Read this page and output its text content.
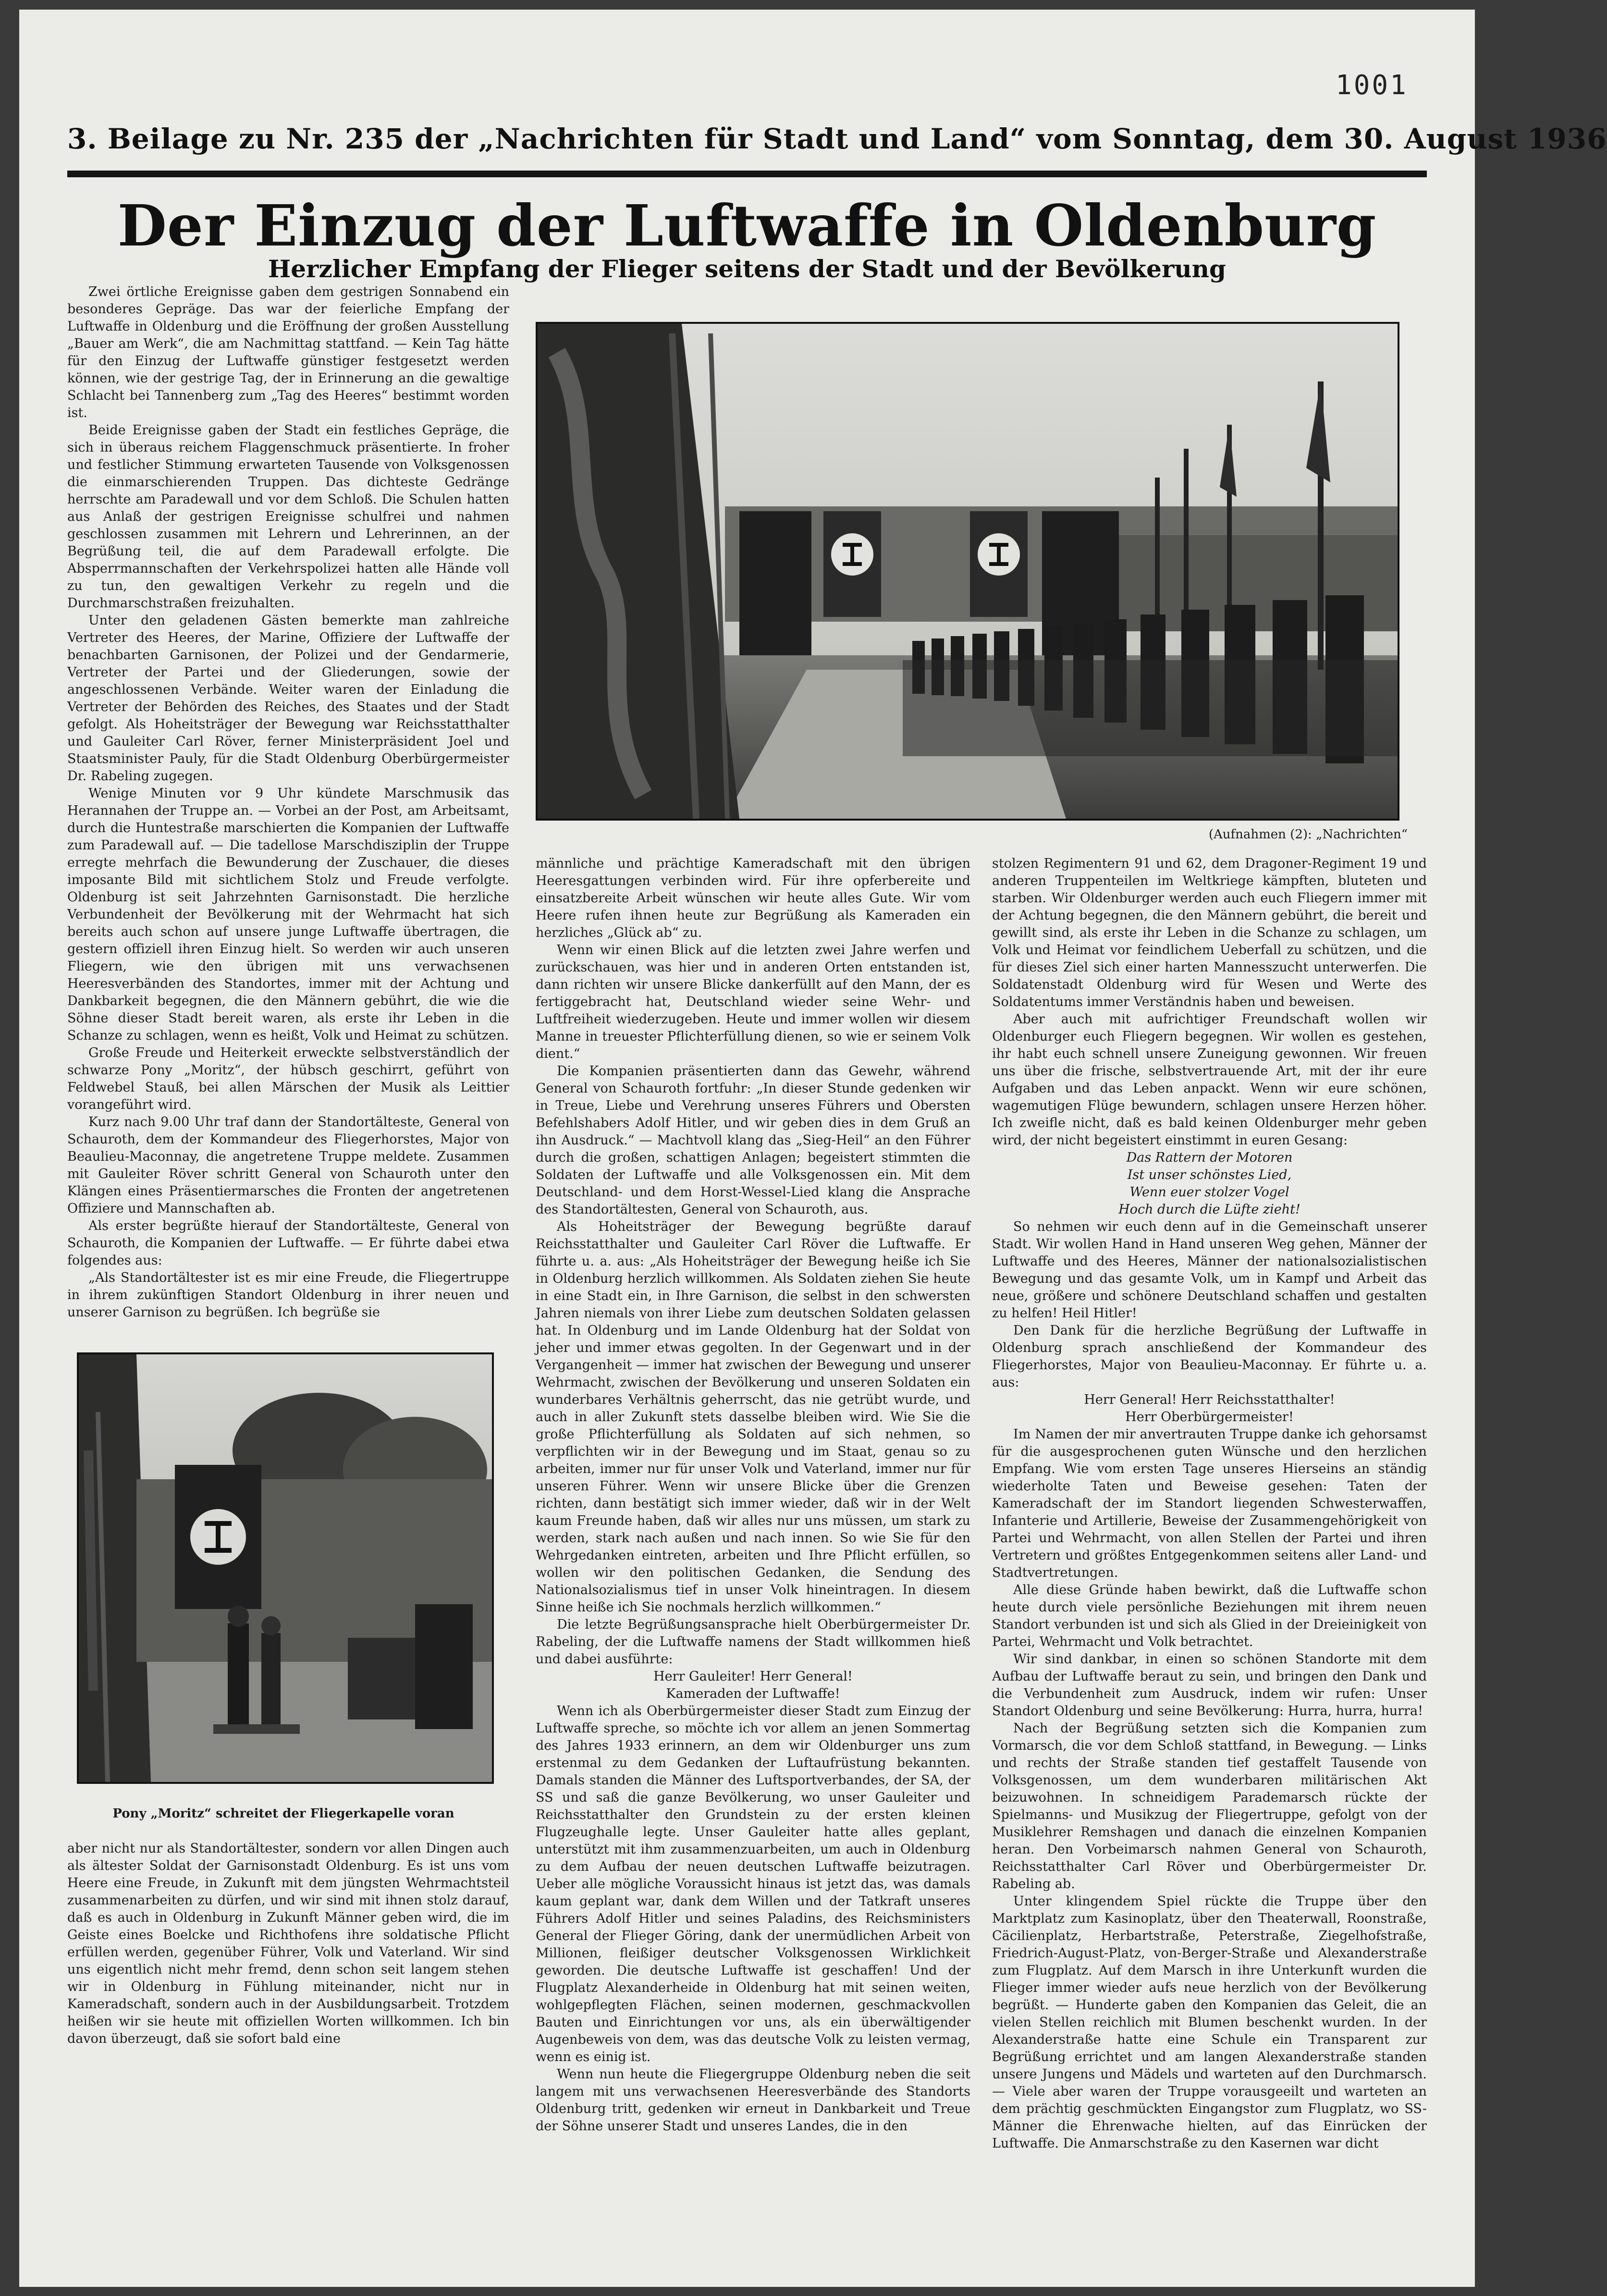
1001
3. Beilage zu Nr. 235 der „Nachrichten für Stadt und Land“ vom Sonntag, dem 30. August 1936
Der Einzug der Luftwaffe in Oldenburg
Herzlicher Empfang der Flieger seitens der Stadt und der Bevölkerung

Zwei örtliche Ereignisse gaben dem gestrigen Sonnabend ein besonderes Gepräge. Das war der feierliche Empfang der Luftwaffe in Oldenburg und die Eröffnung der großen Ausstellung „Bauer am Werk“, die am Nachmittag stattfand. — Kein Tag hätte für den Einzug der Luftwaffe günstiger festgesetzt werden können, wie der gestrige Tag, der in Erinnerung an die gewaltige Schlacht bei Tannenberg zum „Tag des Heeres“ bestimmt worden ist.

Beide Ereignisse gaben der Stadt ein festliches Gepräge, die sich in überaus reichem Flaggenschmuck präsentierte. In froher und festlicher Stimmung erwarteten Tausende von Volksgenossen die einmarschierenden Truppen. Das dichteste Gedränge herrschte am Paradewall und vor dem Schloß. Die Schulen hatten aus Anlaß der gestrigen Ereignisse schulfrei und nahmen geschlossen zusammen mit Lehrern und Lehrerinnen, an der Begrüßung teil, die auf dem Paradewall erfolgte. Die Absperrmannschaften der Verkehrspolizei hatten alle Hände voll zu tun, den gewaltigen Verkehr zu regeln und die Durchmarschstraßen freizuhalten.

Unter den geladenen Gästen bemerkte man zahlreiche Vertreter des Heeres, der Marine, Offiziere der Luftwaffe der benachbarten Garnisonen, der Polizei und der Gendarmerie, Vertreter der Partei und der Gliederungen, sowie der angeschlossenen Verbände. Weiter waren der Einladung die Vertreter der Behörden des Reiches, des Staates und der Stadt gefolgt. Als Hoheitsträger der Bewegung war Reichsstatthalter und Gauleiter Carl Röver, ferner Ministerpräsident Joel und Staatsminister Pauly, für die Stadt Oldenburg Oberbürgermeister Dr. Rabeling zugegen.

Wenige Minuten vor 9 Uhr kündete Marschmusik das Herannahen der Truppe an. — Vorbei an der Post, am Arbeitsamt, durch die Huntestraße marschierten die Kompanien der Luftwaffe zum Paradewall auf. — Die tadellose Marschdisziplin der Truppe erregte mehrfach die Bewunderung der Zuschauer, die dieses imposante Bild mit sichtlichem Stolz und Freude verfolgte. Oldenburg ist seit Jahrzehnten Garnisonstadt. Die herzliche Verbundenheit der Bevölkerung mit der Wehrmacht hat sich bereits auch schon auf unsere junge Luftwaffe übertragen, die gestern offiziell ihren Einzug hielt. So werden wir auch unseren Fliegern, wie den übrigen mit uns verwachsenen Heeresverbänden des Standortes, immer mit der Achtung und Dankbarkeit begegnen, die den Männern gebührt, die wie die Söhne dieser Stadt bereit waren, als erste ihr Leben in die Schanze zu schlagen, wenn es heißt, Volk und Heimat zu schützen.

Große Freude und Heiterkeit erweckte selbstverständlich der schwarze Pony „Moritz“, der hübsch geschirrt, geführt von Feldwebel Stauß, bei allen Märschen der Musik als Leittier vorangeführt wird.

Kurz nach 9.00 Uhr traf dann der Standortälteste, General von Schauroth, dem der Kommandeur des Fliegerhorstes, Major von Beaulieu-Maconnay, die angetretene Truppe meldete. Zusammen mit Gauleiter Röver schritt General von Schauroth unter den Klängen eines Präsentiermarsches die Fronten der angetretenen Offiziere und Mannschaften ab.

Als erster begrüßte hierauf der Standortälteste, General von Schauroth, die Kompanien der Luftwaffe. — Er führte dabei etwa folgendes aus:

„Als Standortältester ist es mir eine Freude, die Fliegertruppe in ihrem zukünftigen Standort Oldenburg in ihrer neuen und unserer Garnison zu begrüßen. Ich begrüße sie

(Aufnahmen (2): „Nachrichten“
Pony „Moritz“ schreitet der Fliegerkapelle voran

aber nicht nur als Standortältester, sondern vor allen Dingen auch als ältester Soldat der Garnisonstadt Oldenburg. Es ist uns vom Heere eine Freude, in Zukunft mit dem jüngsten Wehrmachtsteil zusammenarbeiten zu dürfen, und wir sind mit ihnen stolz darauf, daß es auch in Oldenburg in Zukunft Männer geben wird, die im Geiste eines Boelcke und Richthofens ihre soldatische Pflicht erfüllen werden, gegenüber Führer, Volk und Vaterland. Wir sind uns eigentlich nicht mehr fremd, denn schon seit langem stehen wir in Oldenburg in Fühlung miteinander, nicht nur in Kameradschaft, sondern auch in der Ausbildungsarbeit. Trotzdem heißen wir sie heute mit offiziellen Worten willkommen. Ich bin davon überzeugt, daß sie sofort bald eine

männliche und prächtige Kameradschaft mit den übrigen Heeresgattungen verbinden wird. Für ihre opferbereite und einsatzbereite Arbeit wünschen wir heute alles Gute. Wir vom Heere rufen ihnen heute zur Begrüßung als Kameraden ein herzliches „Glück ab“ zu.

Wenn wir einen Blick auf die letzten zwei Jahre werfen und zurückschauen, was hier und in anderen Orten entstanden ist, dann richten wir unsere Blicke dankerfüllt auf den Mann, der es fertiggebracht hat, Deutschland wieder seine Wehr- und Luftfreiheit wiederzugeben. Heute und immer wollen wir diesem Manne in treuester Pflichterfüllung dienen, so wie er seinem Volk dient.“

Die Kompanien präsentierten dann das Gewehr, während General von Schauroth fortfuhr: „In dieser Stunde gedenken wir in Treue, Liebe und Verehrung unseres Führers und Obersten Befehlshabers Adolf Hitler, und wir geben dies in dem Gruß an ihn Ausdruck.“ — Machtvoll klang das „Sieg-Heil“ an den Führer durch die großen, schattigen Anlagen; begeistert stimmten die Soldaten der Luftwaffe und alle Volksgenossen ein. Mit dem Deutschland- und dem Horst-Wessel-Lied klang die Ansprache des Standortältesten, General von Schauroth, aus.

Als Hoheitsträger der Bewegung begrüßte darauf Reichsstatthalter und Gauleiter Carl Röver die Luftwaffe. Er führte u. a. aus: „Als Hoheitsträger der Bewegung heiße ich Sie in Oldenburg herzlich willkommen. Als Soldaten ziehen Sie heute in eine Stadt ein, in Ihre Garnison, die selbst in den schwersten Jahren niemals von ihrer Liebe zum deutschen Soldaten gelassen hat. In Oldenburg und im Lande Oldenburg hat der Soldat von jeher und immer etwas gegolten. In der Gegenwart und in der Vergangenheit — immer hat zwischen der Bewegung und unserer Wehrmacht, zwischen der Bevölkerung und unseren Soldaten ein wunderbares Verhältnis geherrscht, das nie getrübt wurde, und auch in aller Zukunft stets dasselbe bleiben wird. Wie Sie die große Pflichterfüllung als Soldaten auf sich nehmen, so verpflichten wir in der Bewegung und im Staat, genau so zu arbeiten, immer nur für unser Volk und Vaterland, immer nur für unseren Führer. Wenn wir unsere Blicke über die Grenzen richten, dann bestätigt sich immer wieder, daß wir in der Welt kaum Freunde haben, daß wir alles nur uns müssen, um stark zu werden, stark nach außen und nach innen. So wie Sie für den Wehrgedanken eintreten, arbeiten und Ihre Pflicht erfüllen, so wollen wir den politischen Gedanken, die Sendung des Nationalsozialismus tief in unser Volk hineintragen. In diesem Sinne heiße ich Sie nochmals herzlich willkommen.“

Die letzte Begrüßungsansprache hielt Oberbürgermeister Dr. Rabeling, der die Luftwaffe namens der Stadt willkommen hieß und dabei ausführte:

Herr Gauleiter! Herr General!

Kameraden der Luftwaffe!

Wenn ich als Oberbürgermeister dieser Stadt zum Einzug der Luftwaffe spreche, so möchte ich vor allem an jenen Sommertag des Jahres 1933 erinnern, an dem wir Oldenburger uns zum erstenmal zu dem Gedanken der Luftaufrüstung bekannten. Damals standen die Männer des Luftsportverbandes, der SA, der SS und saß die ganze Bevölkerung, wo unser Gauleiter und Reichsstatthalter den Grundstein zu der ersten kleinen Flugzeughalle legte. Unser Gauleiter hatte alles geplant, unterstützt mit ihm zusammenzuarbeiten, um auch in Oldenburg zu dem Aufbau der neuen deutschen Luftwaffe beizutragen. Ueber alle mögliche Voraussicht hinaus ist jetzt das, was damals kaum geplant war, dank dem Willen und der Tatkraft unseres Führers Adolf Hitler und seines Paladins, des Reichsministers General der Flieger Göring, dank der unermüdlichen Arbeit von Millionen, fleißiger deutscher Volksgenossen Wirklichkeit geworden. Die deutsche Luftwaffe ist geschaffen! Und der Flugplatz Alexanderheide in Oldenburg hat mit seinen weiten, wohlgepflegten Flächen, seinen modernen, geschmackvollen Bauten und Einrichtungen vor uns, als ein überwältigender Augenbeweis von dem, was das deutsche Volk zu leisten vermag, wenn es einig ist.

Wenn nun heute die Fliegergruppe Oldenburg neben die seit langem mit uns verwachsenen Heeresverbände des Standorts Oldenburg tritt, gedenken wir erneut in Dankbarkeit und Treue der Söhne unserer Stadt und unseres Landes, die in den

stolzen Regimentern 91 und 62, dem Dragoner-Regiment 19 und anderen Truppenteilen im Weltkriege kämpften, bluteten und starben. Wir Oldenburger werden auch euch Fliegern immer mit der Achtung begegnen, die den Männern gebührt, die bereit und gewillt sind, als erste ihr Leben in die Schanze zu schlagen, um Volk und Heimat vor feindlichem Ueberfall zu schützen, und die für dieses Ziel sich einer harten Mannesszucht unterwerfen. Die Soldatenstadt Oldenburg wird für Wesen und Werte des Soldatentums immer Verständnis haben und beweisen.

Aber auch mit aufrichtiger Freundschaft wollen wir Oldenburger euch Fliegern begegnen. Wir wollen es gestehen, ihr habt euch schnell unsere Zuneigung gewonnen. Wir freuen uns über die frische, selbstvertrauende Art, mit der ihr eure Aufgaben und das Leben anpackt. Wenn wir eure schönen, wagemutigen Flüge bewundern, schlagen unsere Herzen höher. Ich zweifle nicht, daß es bald keinen Oldenburger mehr geben wird, der nicht begeistert einstimmt in euren Gesang:

Das Rattern der Motoren

Ist unser schönstes Lied,

Wenn euer stolzer Vogel

Hoch durch die Lüfte zieht!

So nehmen wir euch denn auf in die Gemeinschaft unserer Stadt. Wir wollen Hand in Hand unseren Weg gehen, Männer der Luftwaffe und des Heeres, Männer der nationalsozialistischen Bewegung und das gesamte Volk, um in Kampf und Arbeit das neue, größere und schönere Deutschland schaffen und gestalten zu helfen! Heil Hitler!

Den Dank für die herzliche Begrüßung der Luftwaffe in Oldenburg sprach anschließend der Kommandeur des Fliegerhorstes, Major von Beaulieu-Maconnay. Er führte u. a. aus:

Herr General! Herr Reichsstatthalter!

Herr Oberbürgermeister!

Im Namen der mir anvertrauten Truppe danke ich gehorsamst für die ausgesprochenen guten Wünsche und den herzlichen Empfang. Wie vom ersten Tage unseres Hierseins an ständig wiederholte Taten und Beweise gesehen: Taten der Kameradschaft der im Standort liegenden Schwesterwaffen, Infanterie und Artillerie, Beweise der Zusammengehörigkeit von Partei und Wehrmacht, von allen Stellen der Partei und ihren Vertretern und größtes Entgegenkommen seitens aller Land- und Stadtvertretungen.

Alle diese Gründe haben bewirkt, daß die Luftwaffe schon heute durch viele persönliche Beziehungen mit ihrem neuen Standort verbunden ist und sich als Glied in der Dreieinigkeit von Partei, Wehrmacht und Volk betrachtet.

Wir sind dankbar, in einen so schönen Standorte mit dem Aufbau der Luftwaffe beraut zu sein, und bringen den Dank und die Verbundenheit zum Ausdruck, indem wir rufen: Unser Standort Oldenburg und seine Bevölkerung: Hurra, hurra, hurra!

Nach der Begrüßung setzten sich die Kompanien zum Vormarsch, die vor dem Schloß stattfand, in Bewegung. — Links und rechts der Straße standen tief gestaffelt Tausende von Volksgenossen, um dem wunderbaren militärischen Akt beizuwohnen. In schneidigem Parademarsch rückte der Spielmanns- und Musikzug der Fliegertruppe, gefolgt von der Musiklehrer Remshagen und danach die einzelnen Kompanien heran. Den Vorbeimarsch nahmen General von Schauroth, Reichsstatthalter Carl Röver und Oberbürgermeister Dr. Rabeling ab.

Unter klingendem Spiel rückte die Truppe über den Marktplatz zum Kasinoplatz, über den Theaterwall, Roonstraße, Cäcilienplatz, Herbartstraße, Peterstraße, Ziegelhofstraße, Friedrich-August-Platz, von-Berger-Straße und Alexanderstraße zum Flugplatz. Auf dem Marsch in ihre Unterkunft wurden die Flieger immer wieder aufs neue herzlich von der Bevölkerung begrüßt. — Hunderte gaben den Kompanien das Geleit, die an vielen Stellen reichlich mit Blumen beschenkt wurden. In der Alexanderstraße hatte eine Schule ein Transparent zur Begrüßung errichtet und am langen Alexanderstraße standen unsere Jungens und Mädels und warteten auf den Durchmarsch. — Viele aber waren der Truppe vorausgeeilt und warteten an dem prächtig geschmückten Eingangstor zum Flugplatz, wo SS-Männer die Ehrenwache hielten, auf das Einrücken der Luftwaffe. Die Anmarschstraße zu den Kasernen war dicht
